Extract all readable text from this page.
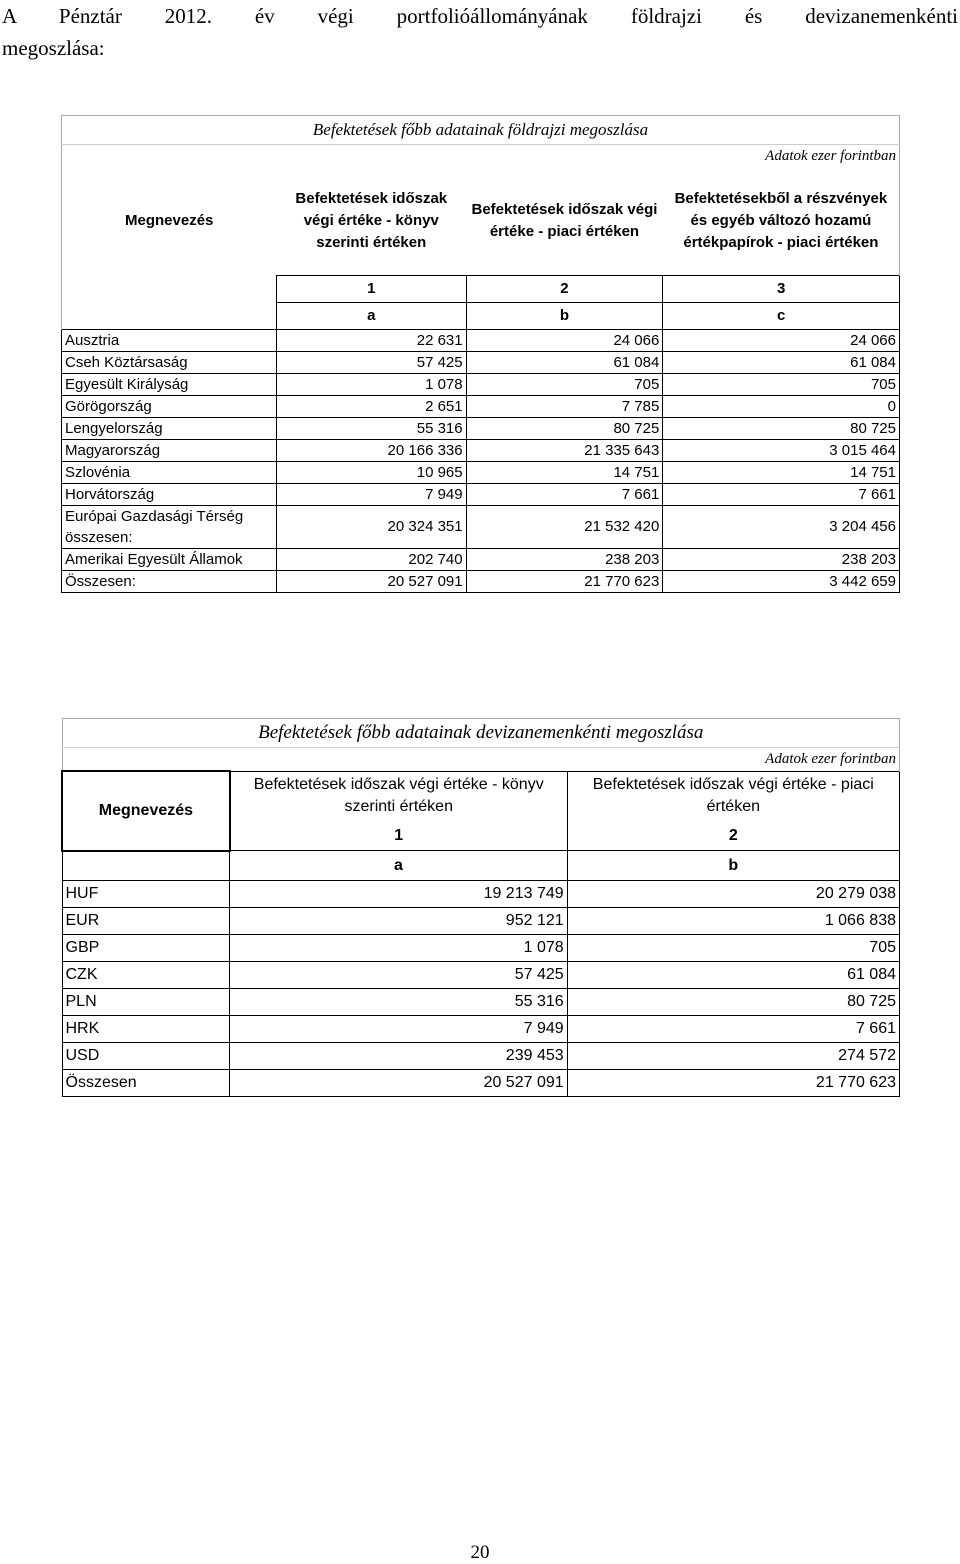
A Pénztár 2012. év végi portfolióállományának földrajzi és devizanemenkénti
megoszlása:
Befektetések főbb adatainak földrajzi megoszlása			
Adatok ezer forintban			
Megnevezés	Befektetések időszak végi értéke - könyv szerinti értéken	Befektetések időszak végi értéke - piaci értéken	Befektetésekből a részvények és egyéb változó hozamú értékpapírok - piaci értéken
	1	2	3
	a	b	c
Ausztria	22 631	24 066	24 066
Cseh Köztársaság	57 425	61 084	61 084
Egyesült Királyság	1 078	705	705
Görögország	2 651	7 785	0
Lengyelország	55 316	80 725	80 725
Magyarország	20 166 336	21 335 643	3 015 464
Szlovénia	10 965	14 751	14 751
Horvátország	7 949	7 661	7 661
Európai Gazdasági Térség összesen:	20 324 351	21 532 420	3 204 456
Amerikai Egyesült Államok	202 740	238 203	238 203
Összesen:	20 527 091	21 770 623	3 442 659
Befektetések főbb adatainak devizanemenkénti megoszlása		
Adatok ezer forintban		
Megnevezés	Befektetések időszak végi értéke - könyv szerinti értéken	Befektetések időszak végi értéke - piaci értéken
	1	2
	a	b
HUF	19 213 749	20 279 038
EUR	952 121	1 066 838
GBP	1 078	705
CZK	57 425	61 084
PLN	55 316	80 725
HRK	7 949	7 661
USD	239 453	274 572
Összesen	20 527 091	21 770 623
20
